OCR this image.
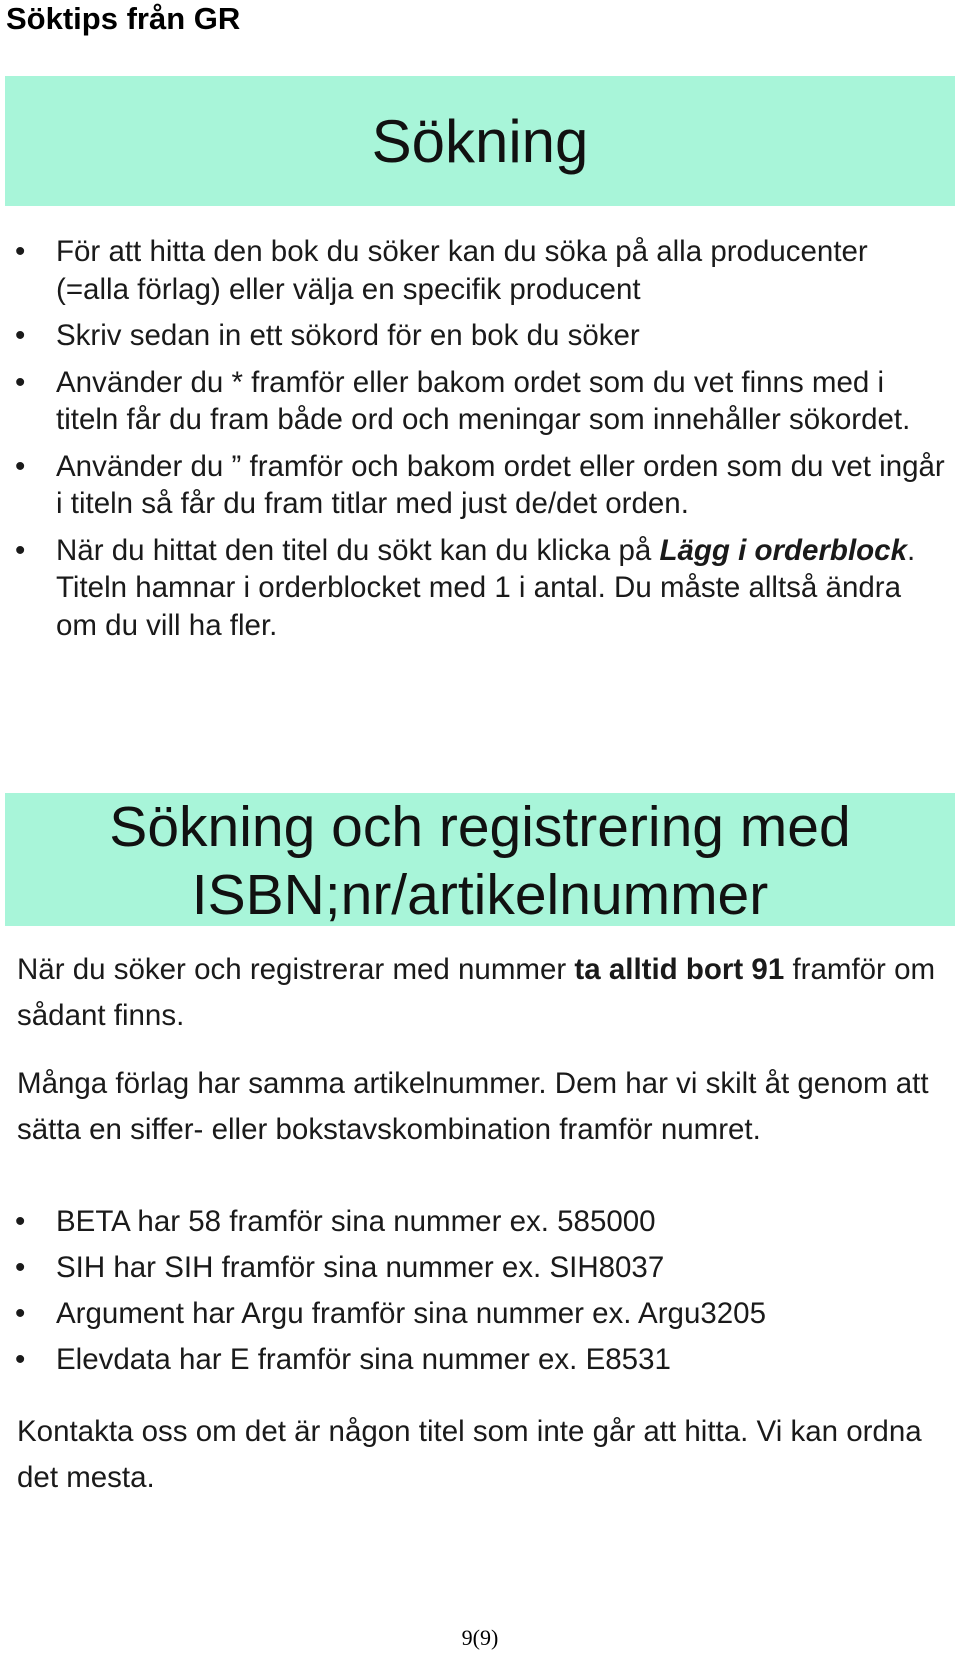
Söktips från GR
Sökning
• För att hitta den bok du söker kan du söka på alla producenter (=alla förlag) eller välja en specifik producent
• Skriv sedan in ett sökord för en bok du söker
• Använder du * framför eller bakom ordet som du vet finns med i titeln får du fram både ord och meningar som innehåller sökordet.
• Använder du ” framför och bakom ordet eller orden som du vet ingår i titeln så får du fram titlar med just de/det orden.
• När du hittat den titel du sökt kan du klicka på Lägg i orderblock. Titeln hamnar i orderblocket med 1 i antal. Du måste alltså ändra om du vill ha fler.
Sökning och registrering med
ISBN;nr/artikelnummer

När du söker och registrerar med nummer ta alltid bort 91 framför om sådant finns.

Många förlag har samma artikelnummer. Dem har vi skilt åt genom att sätta en siffer- eller bokstavskombination framför numret.

• BETA har 58 framför sina nummer ex. 585000
• SIH har SIH framför sina nummer ex. SIH8037
• Argument har Argu framför sina nummer ex. Argu3205
• Elevdata har E framför sina nummer ex. E8531

Kontakta oss om det är någon titel som inte går att hitta. Vi kan ordna det mesta.

9(9)
